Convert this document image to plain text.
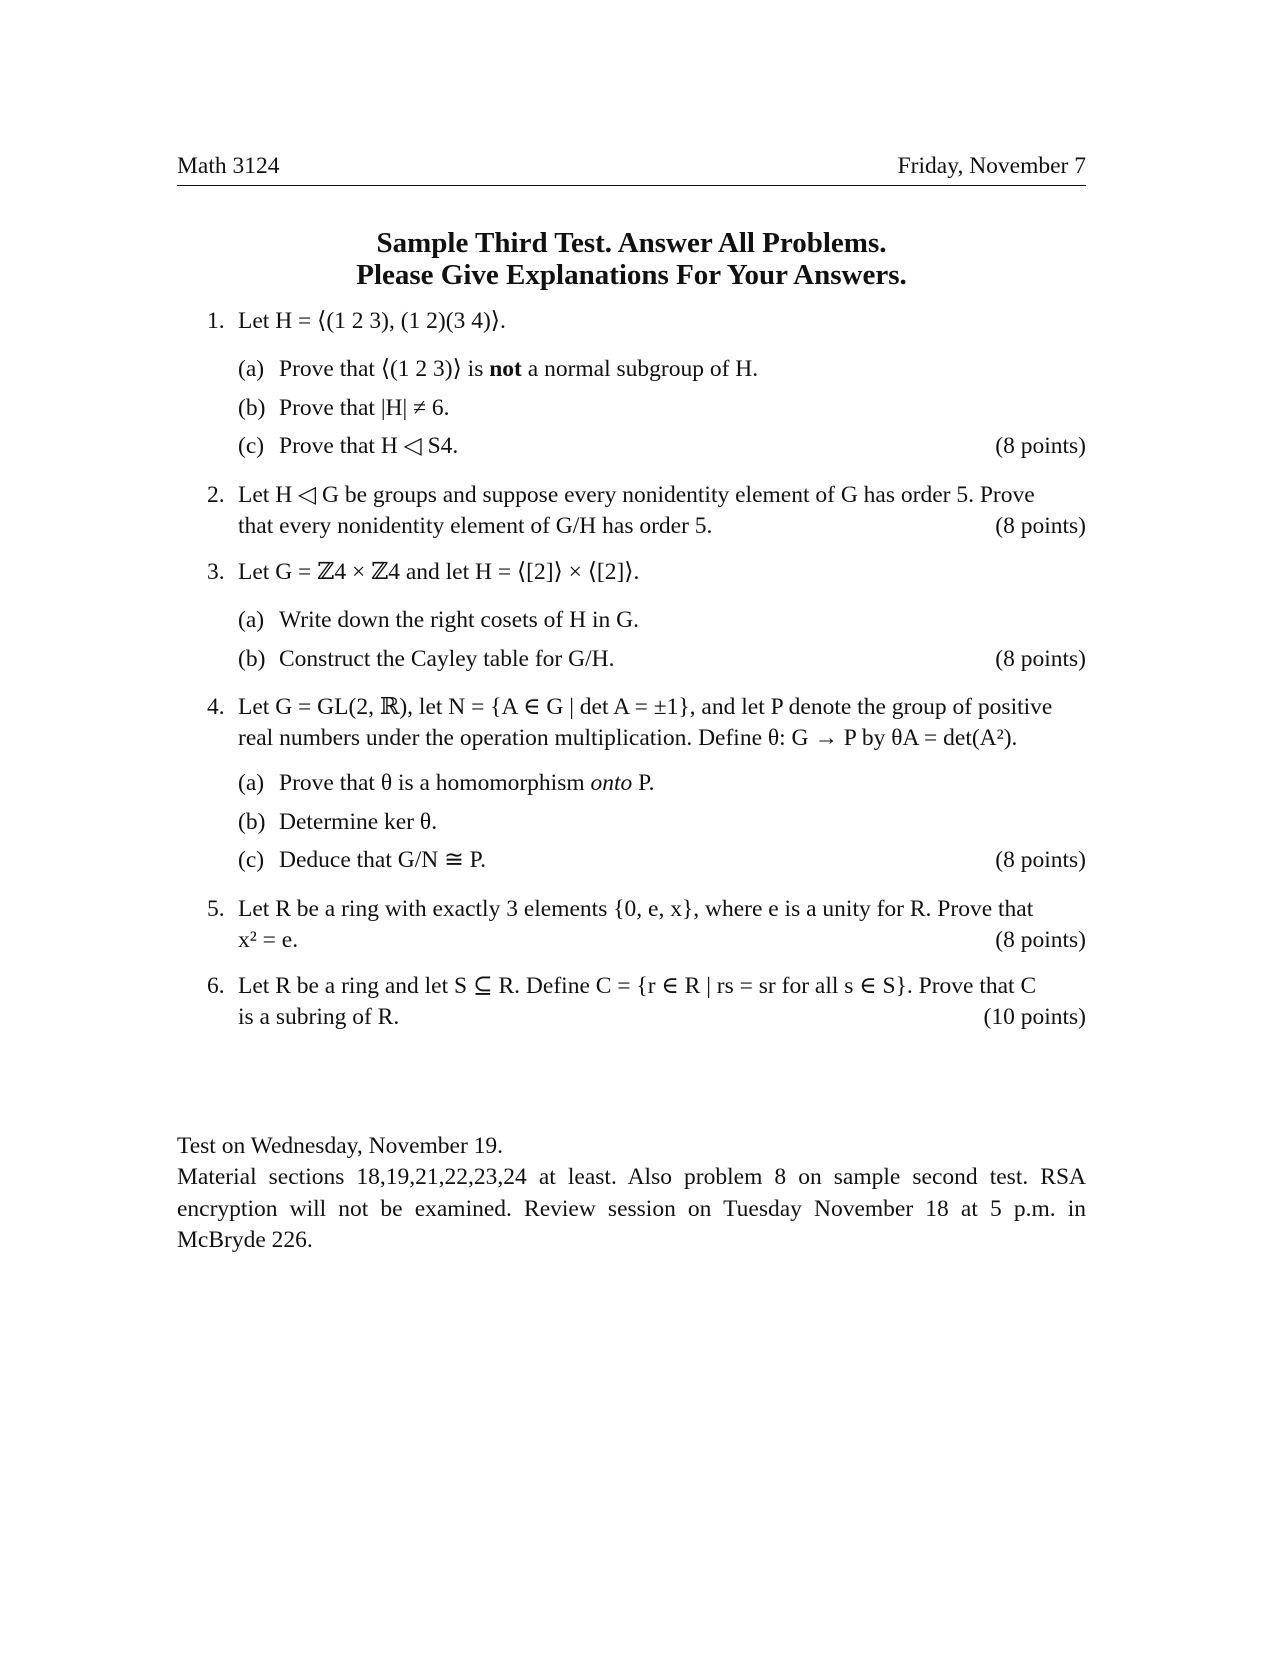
Math 3124	Friday, November 7
Sample Third Test. Answer All Problems.
Please Give Explanations For Your Answers.
1. Let H = ⟨(1 2 3), (1 2)(3 4)⟩.
(a) Prove that ⟨(1 2 3)⟩ is not a normal subgroup of H.
(b) Prove that |H| ≠ 6.
(c) Prove that H ◁ S4.	(8 points)
2. Let H ◁ G be groups and suppose every nonidentity element of G has order 5. Prove
that every nonidentity element of G/H has order 5.	(8 points)
3. Let G = ℤ4 × ℤ4 and let H = ⟨[2]⟩ × ⟨[2]⟩.
(a) Write down the right cosets of H in G.
(b) Construct the Cayley table for G/H.	(8 points)
4. Let G = GL(2, ℝ), let N = {A ∈ G | det A = ±1}, and let P denote the group of positive
real numbers under the operation multiplication. Define θ: G → P by θA = det(A²).
(a) Prove that θ is a homomorphism onto P.
(b) Determine ker θ.
(c) Deduce that G/N ≅ P.	(8 points)
5. Let R be a ring with exactly 3 elements {0, e, x}, where e is a unity for R. Prove that
x² = e.	(8 points)
6. Let R be a ring and let S ⊆ R. Define C = {r ∈ R | rs = sr for all s ∈ S}. Prove that C
is a subring of R.	(10 points)
Test on Wednesday, November 19.
Material sections 18,19,21,22,23,24 at least. Also problem 8 on sample second test. RSA encryption will not be examined. Review session on Tuesday November 18 at 5 p.m. in McBryde 226.
